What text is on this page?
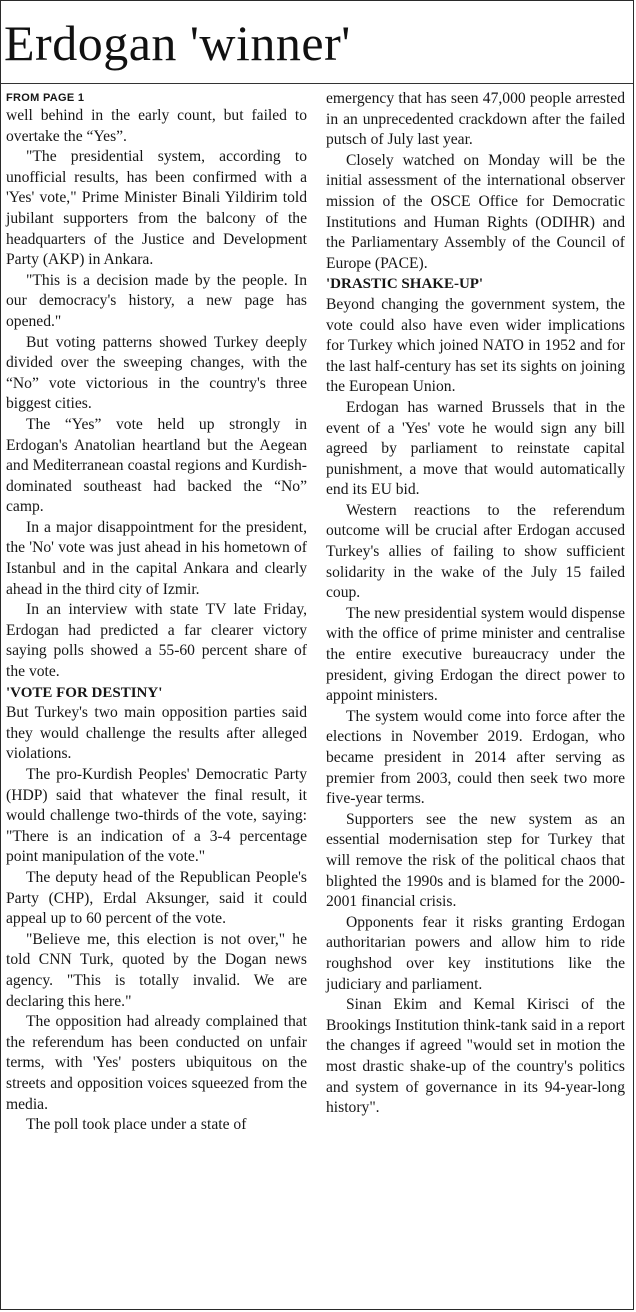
Erdogan 'winner'
FROM PAGE 1

well behind in the early count, but failed to overtake the “Yes”.

"The presidential system, according to unofficial results, has been confirmed with a 'Yes' vote," Prime Minister Binali Yildirim told jubilant supporters from the balcony of the headquarters of the Justice and Development Party (AKP) in Ankara.

"This is a decision made by the people. In our democracy's history, a new page has opened."

But voting patterns showed Turkey deeply divided over the sweeping changes, with the “No” vote victorious in the country's three biggest cities.

The “Yes” vote held up strongly in Erdogan's Anatolian heartland but the Aegean and Mediterranean coastal regions and Kurdish-dominated southeast had backed the “No” camp.

In a major disappointment for the president, the 'No' vote was just ahead in his hometown of Istanbul and in the capital Ankara and clearly ahead in the third city of Izmir.

In an interview with state TV late Friday, Erdogan had predicted a far clearer victory saying polls showed a 55-60 percent share of the vote.

'VOTE FOR DESTINY'

But Turkey's two main opposition parties said they would challenge the results after alleged violations.

The pro-Kurdish Peoples' Democratic Party (HDP) said that whatever the final result, it would challenge two-thirds of the vote, saying: "There is an indication of a 3-4 percentage point manipulation of the vote."

The deputy head of the Republican People's Party (CHP), Erdal Aksunger, said it could appeal up to 60 percent of the vote.

"Believe me, this election is not over," he told CNN Turk, quoted by the Dogan news agency. "This is totally invalid. We are declaring this here."

The opposition had already complained that the referendum has been conducted on unfair terms, with 'Yes' posters ubiquitous on the streets and opposition voices squeezed from the media.

The poll took place under a state of

emergency that has seen 47,000 people arrested in an unprecedented crackdown after the failed putsch of July last year.

Closely watched on Monday will be the initial assessment of the international observer mission of the OSCE Office for Democratic Institutions and Human Rights (ODIHR) and the Parliamentary Assembly of the Council of Europe (PACE).

'DRASTIC SHAKE-UP'

Beyond changing the government system, the vote could also have even wider implications for Turkey which joined NATO in 1952 and for the last half-century has set its sights on joining the European Union.

Erdogan has warned Brussels that in the event of a 'Yes' vote he would sign any bill agreed by parliament to reinstate capital punishment, a move that would automatically end its EU bid.

Western reactions to the referendum outcome will be crucial after Erdogan accused Turkey's allies of failing to show sufficient solidarity in the wake of the July 15 failed coup.

The new presidential system would dispense with the office of prime minister and centralise the entire executive bureaucracy under the president, giving Erdogan the direct power to appoint ministers.

The system would come into force after the elections in November 2019. Erdogan, who became president in 2014 after serving as premier from 2003, could then seek two more five-year terms.

Supporters see the new system as an essential modernisation step for Turkey that will remove the risk of the political chaos that blighted the 1990s and is blamed for the 2000-2001 financial crisis.

Opponents fear it risks granting Erdogan authoritarian powers and allow him to ride roughshod over key institutions like the judiciary and parliament.

Sinan Ekim and Kemal Kirisci of the Brookings Institution think-tank said in a report the changes if agreed "would set in motion the most drastic shake-up of the country's politics and system of governance in its 94-year-long history".
